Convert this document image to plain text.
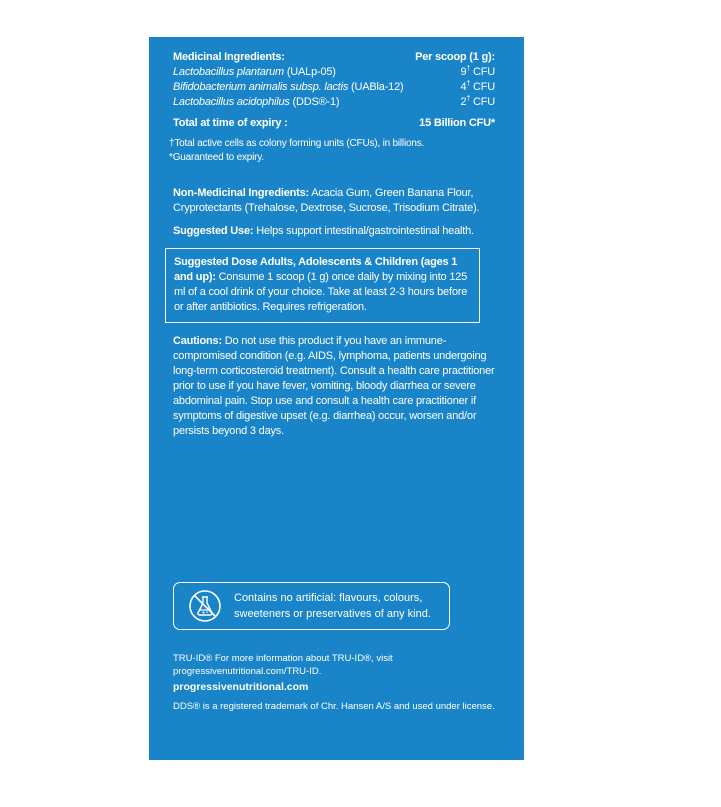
Medicinal Ingredients:	Per scoop (1 g):
Lactobacillus plantarum (UALp-05)	9† CFU
Bifidobacterium animalis subsp. lactis (UABla-12)	4† CFU
Lactobacillus acidophilus (DDS®-1)	2† CFU
Total at time of expiry :	15 Billion CFU*
†Total active cells as colony forming units (CFUs), in billions.
*Guaranteed to expiry.
Non-Medicinal Ingredients: Acacia Gum, Green Banana Flour, Cryprotectants (Trehalose, Dextrose, Sucrose, Trisodium Citrate).
Suggested Use: Helps support intestinal/gastrointestinal health.
Suggested Dose Adults, Adolescents & Children (ages 1 and up): Consume 1 scoop (1 g) once daily by mixing into 125 ml of a cool drink of your choice. Take at least 2-3 hours before or after antibiotics. Requires refrigeration.
Cautions: Do not use this product if you have an immune-compromised condition (e.g. AIDS, lymphoma, patients undergoing long-term corticosteroid treatment). Consult a health care practitioner prior to use if you have fever, vomiting, bloody diarrhea or severe abdominal pain. Stop use and consult a health care practitioner if symptoms of digestive upset (e.g. diarrhea) occur, worsen and/or persists beyond 3 days.
Contains no artificial: flavours, colours,
sweeteners or preservatives of any kind.
TRU-ID® For more information about TRU-ID®, visit
progressivenutritional.com/TRU-ID.
progressivenutritional.com
DDS® is a registered trademark of Chr. Hansen A/S and used under license.
